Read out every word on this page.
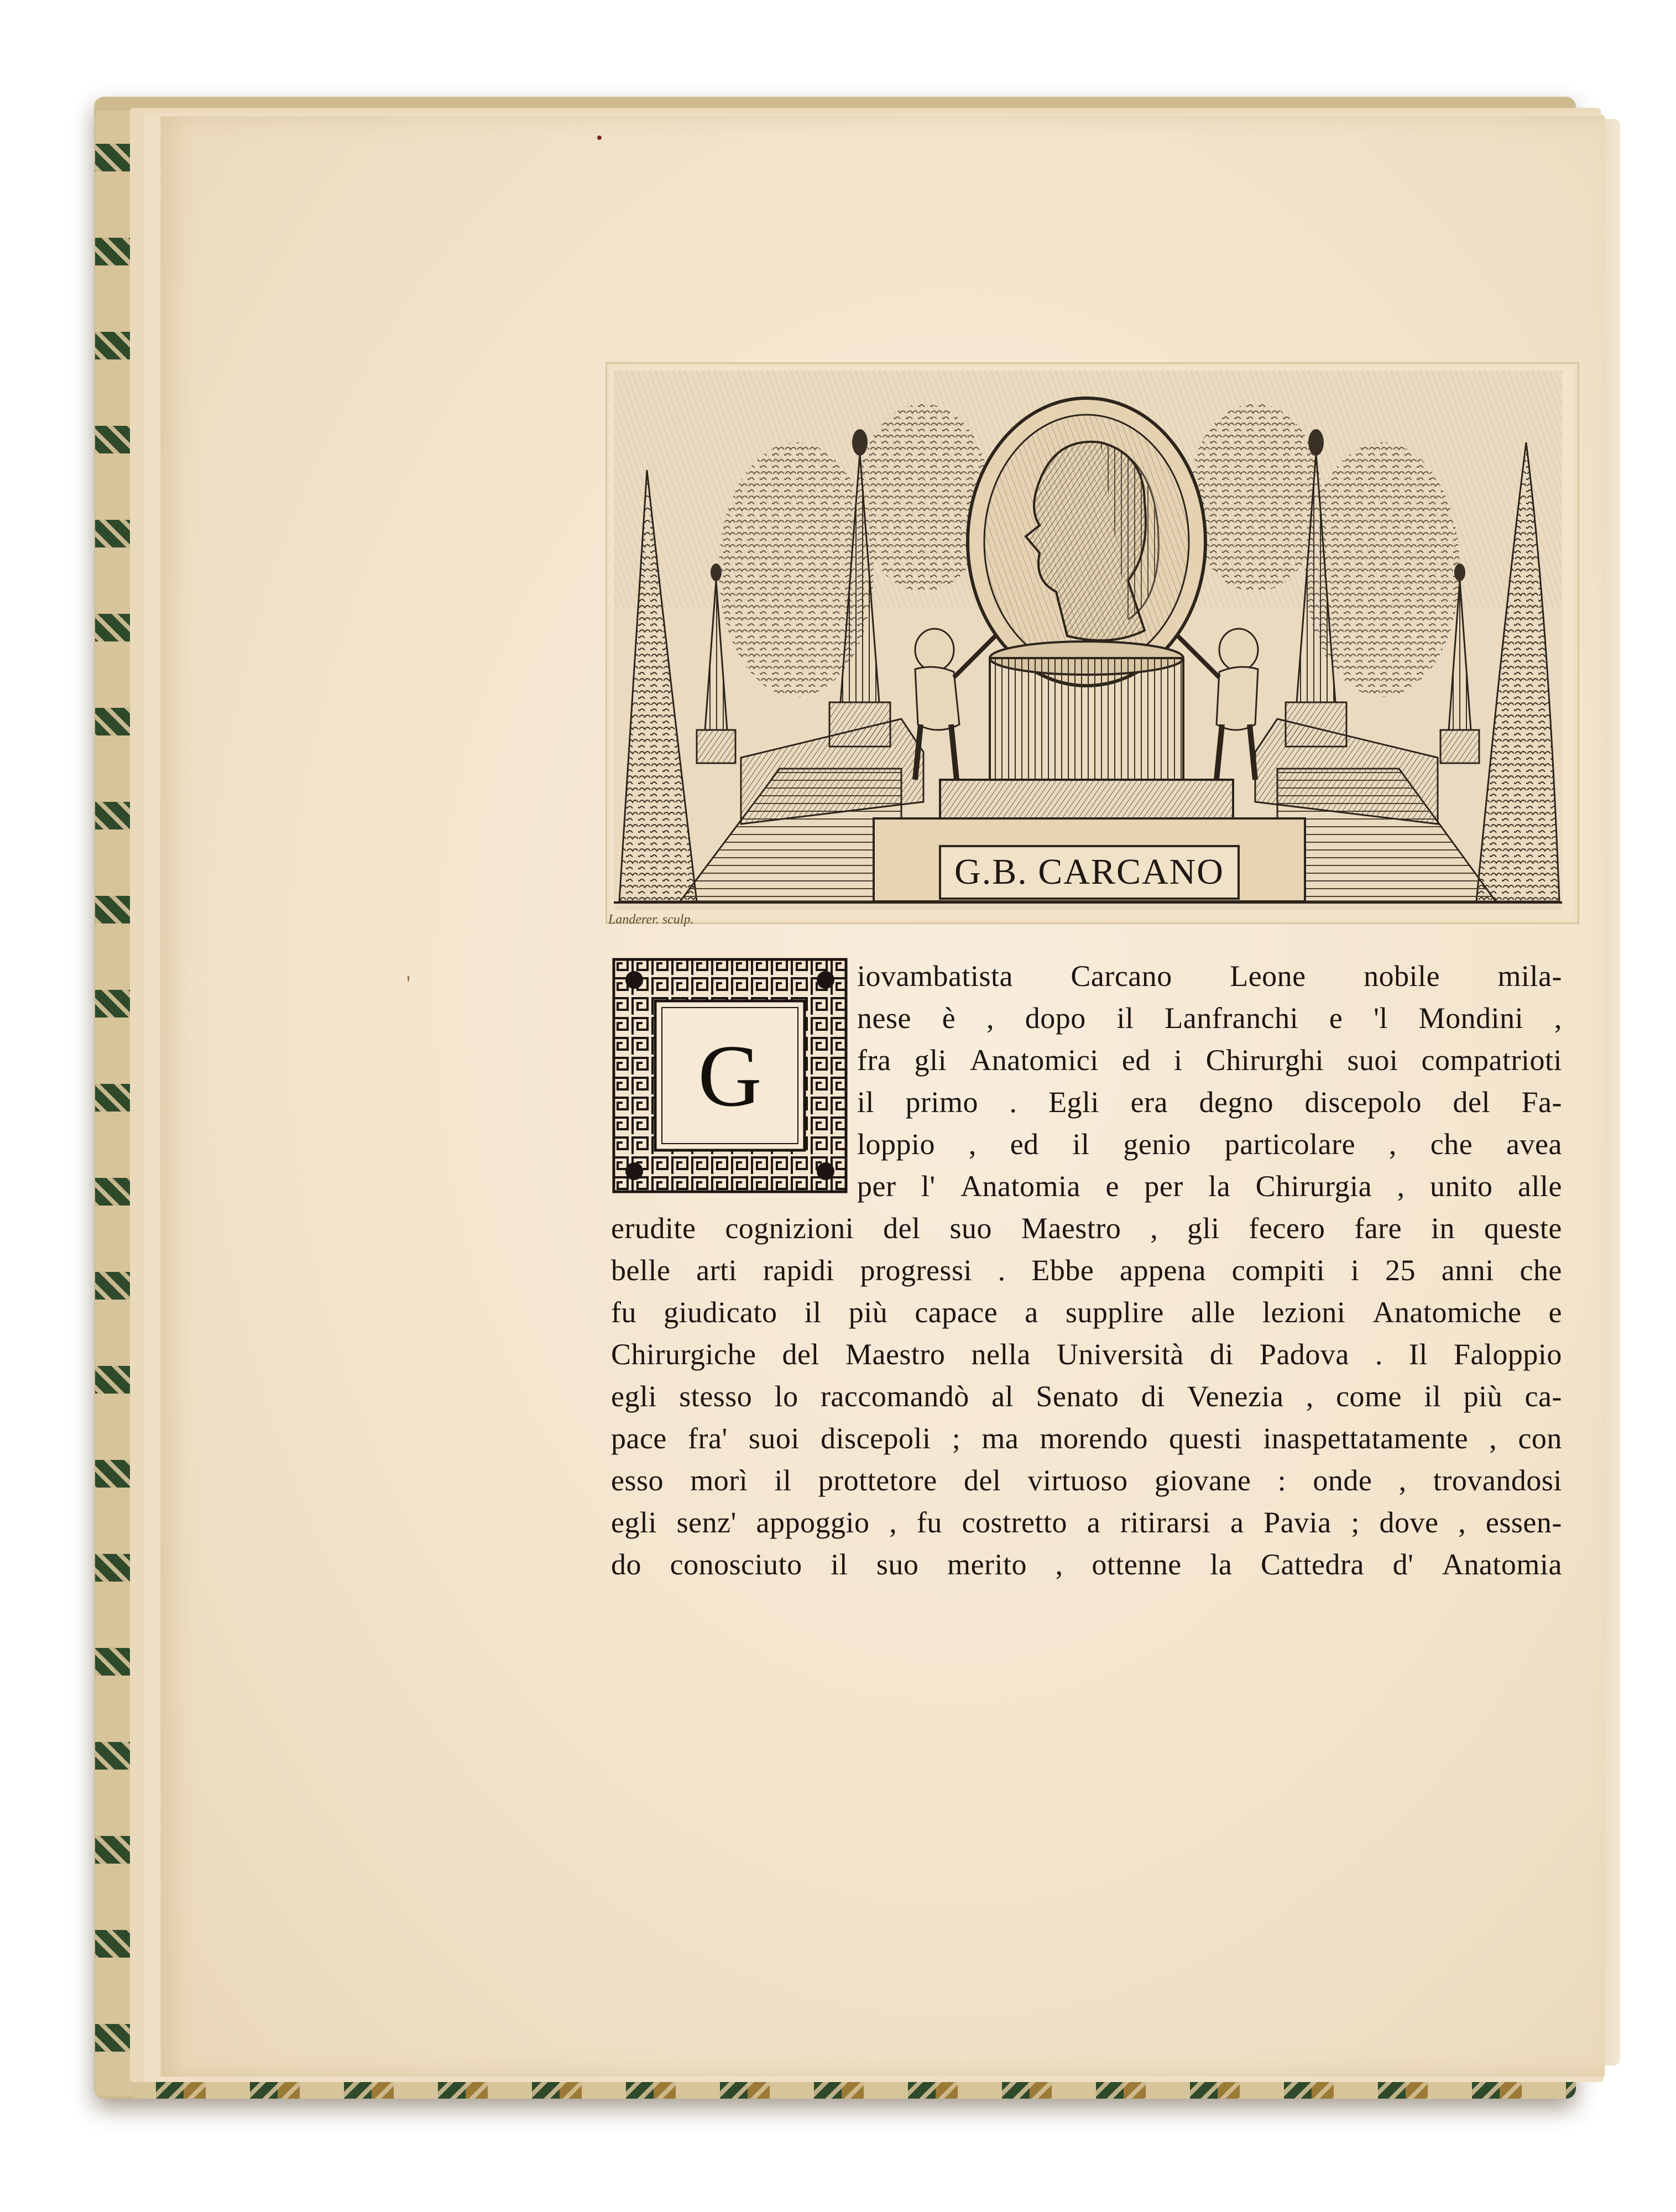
'
G.B. CARCANO
Landerer. sculp.
G
iovambatista Carcano Leone nobile mila-
nese è , dopo il Lanfranchi e 'l Mondini ,
fra gli Anatomici ed i Chirurghi suoi compatrioti
il primo . Egli era degno discepolo del Fa-
loppio , ed il genio particolare , che avea
per l' Anatomia e per la Chirurgia , unito alle
erudite cognizioni del suo Maestro , gli fecero fare in queste
belle arti rapidi progressi . Ebbe appena compiti i 25 anni che
fu giudicato il più capace a supplire alle lezioni Anatomiche e
Chirurgiche del Maestro nella Università di Padova . Il Faloppio
egli stesso lo raccomandò al Senato di Venezia , come il più ca-
pace fra' suoi discepoli ; ma morendo questi inaspettatamente , con
esso morì il prottetore del virtuoso giovane : onde , trovandosi
egli senz' appoggio , fu costretto a ritirarsi a Pavia ; dove , essen-
do conosciuto il suo merito , ottenne la Cattedra d' Anatomia
